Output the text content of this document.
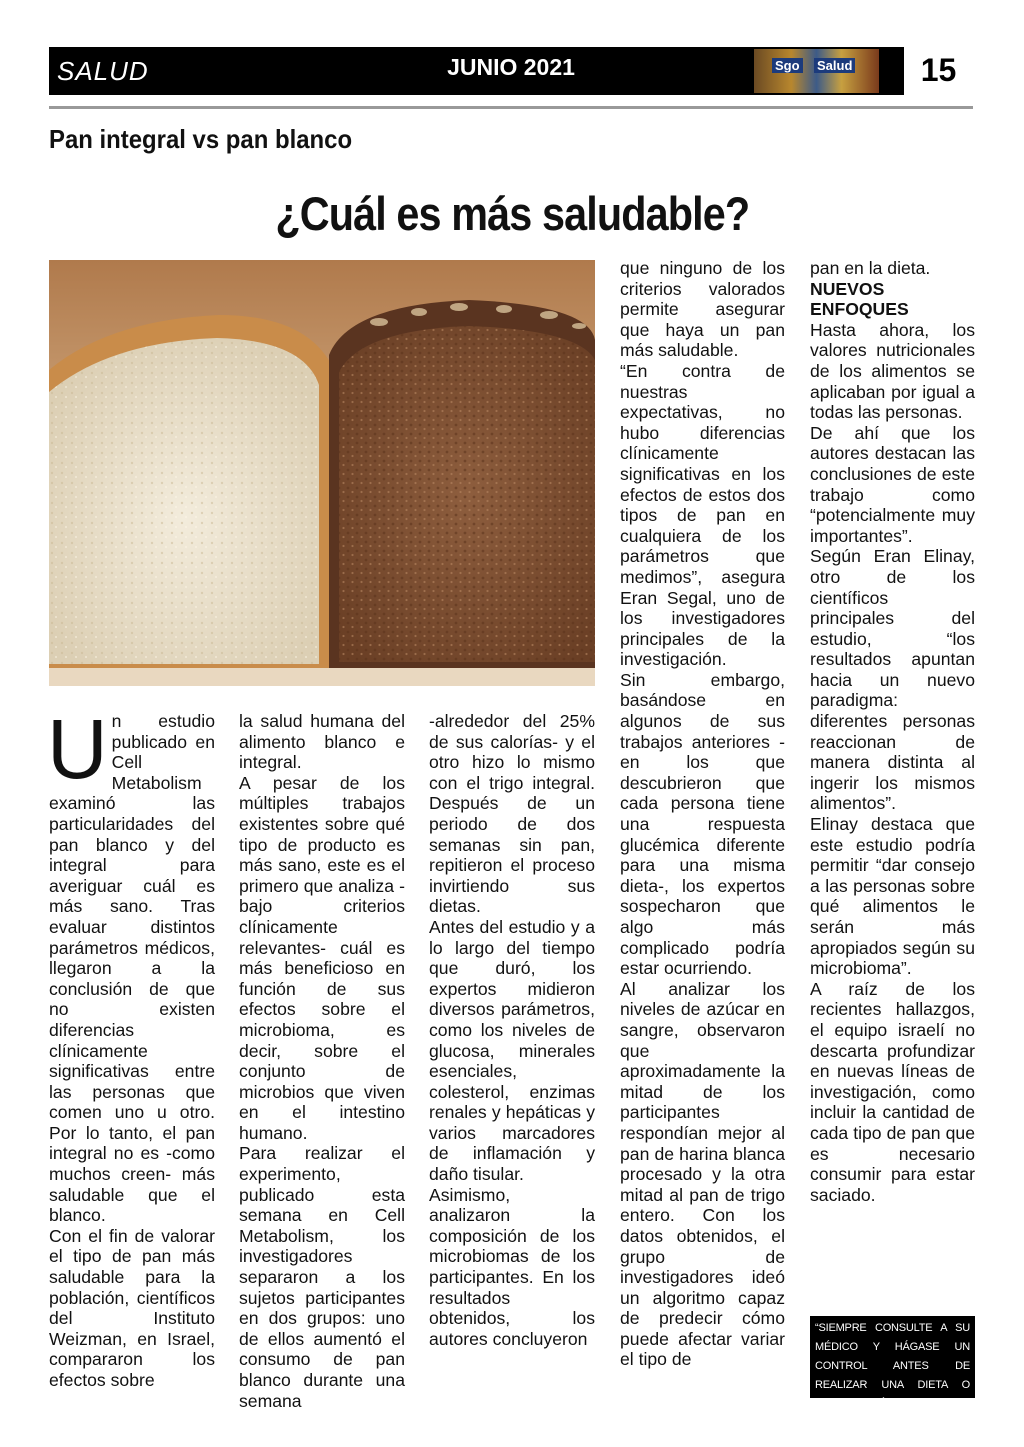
SALUD	JUNIO 2021	Sgo Salud	15
Pan integral vs pan blanco
¿Cuál es más saludable?
U n estudio publicado en Cell Metabolism examinó las particularidades del pan blanco y del integral para averiguar cuál es más sano. Tras evaluar distintos parámetros médicos, llegaron a la conclusión de que no existen diferencias clínicamente significativas entre las personas que comen uno u otro. Por lo tanto, el pan integral no es -como muchos creen- más saludable que el blanco.

Con el fin de valorar el tipo de pan más saludable para la población, científicos del Instituto Weizman, en Israel, compararon los efectos sobre

la salud humana del alimento blanco e integral.

A pesar de los múltiples trabajos existentes sobre qué tipo de producto es más sano, este es el primero que analiza -bajo criterios clínicamente relevantes- cuál es más beneficioso en función de sus efectos sobre el microbioma, es decir, sobre el conjunto de microbios que viven en el intestino humano.

Para realizar el experimento, publicado esta semana en Cell Metabolism, los investigadores separaron a los sujetos participantes en dos grupos: uno de ellos aumentó el consumo de pan blanco durante una semana

-alrededor del 25% de sus calorías- y el otro hizo lo mismo con el trigo integral. Después de un periodo de dos semanas sin pan, repitieron el proceso invirtiendo sus dietas.

Antes del estudio y a lo largo del tiempo que duró, los expertos midieron diversos parámetros, como los niveles de glucosa, minerales esenciales, colesterol, enzimas renales y hepáticas y varios marcadores de inflamación y daño tisular.

Asimismo, analizaron la composición de los microbiomas de los participantes. En los resultados obtenidos, los autores concluyeron

que ninguno de los criterios valorados permite asegurar que haya un pan más saludable.

“En contra de nuestras expectativas, no hubo diferencias clínicamente significativas en los efectos de estos dos tipos de pan en cualquiera de los parámetros que medimos”, asegura Eran Segal, uno de los investigadores principales de la investigación.

Sin embargo, basándose en algunos de sus trabajos anteriores -en los que descubrieron que cada persona tiene una respuesta glucémica diferente para una misma dieta-, los expertos sospecharon que algo más complicado podría estar ocurriendo.

Al analizar los niveles de azúcar en sangre, observaron que aproximadamente la mitad de los participantes respondían mejor al pan de harina blanca procesado y la otra mitad al pan de trigo entero. Con los datos obtenidos, el grupo de investigadores ideó un algoritmo capaz de predecir cómo puede afectar variar el tipo de

pan en la dieta.

NUEVOS ENFOQUES

Hasta ahora, los valores nutricionales de los alimentos se aplicaban por igual a todas las personas.

De ahí que los autores destacan las conclusiones de este trabajo como “potencialmente muy importantes”.

Según Eran Elinay, otro de los científicos principales del estudio, “los resultados apuntan hacia un nuevo paradigma: diferentes personas reaccionan de manera distinta al ingerir los mismos alimentos”.

Elinay destaca que este estudio podría permitir “dar consejo a las personas sobre qué alimentos le serán más apropiados según su microbioma”.

A raíz de los recientes hallazgos, el equipo israelí no descarta profundizar en nuevas líneas de investigación, como incluir la cantidad de cada tipo de pan que es necesario consumir para estar saciado.

“SIEMPRE CONSULTE A SU MÉDICO Y HÁGASE UN CONTROL ANTES DE REALIZAR UNA DIETA O ACTIVIDAD FÍSICA”
